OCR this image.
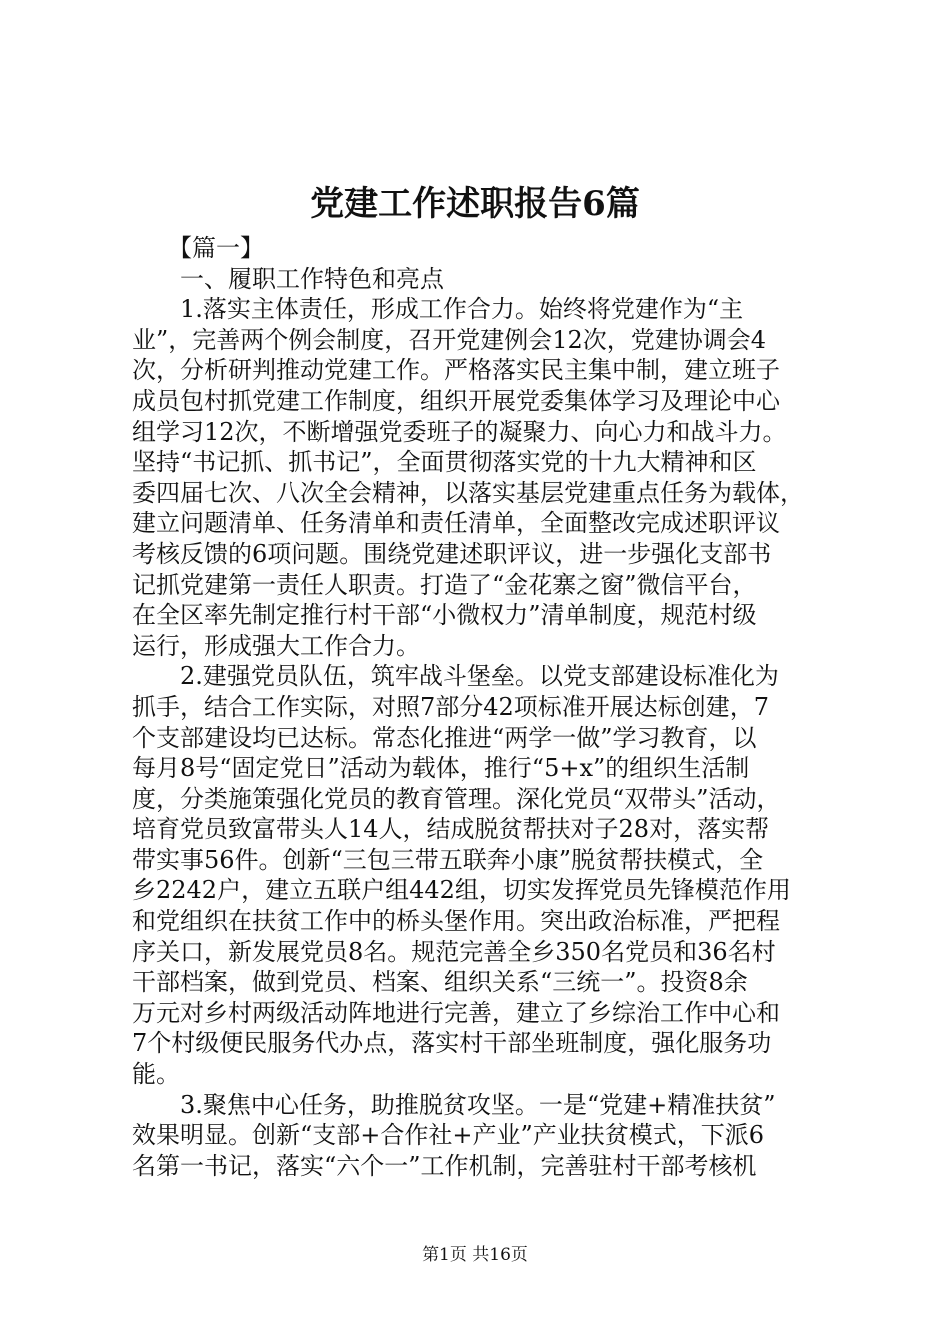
党建工作述职报告6篇
【篇一】
一、履职工作特色和亮点
1.落实主体责任，形成工作合力。始终将党建作为“主
业”，完善两个例会制度，召开党建例会12次，党建协调会4
次，分析研判推动党建工作。严格落实民主集中制，建立班子
成员包村抓党建工作制度，组织开展党委集体学习及理论中心
组学习12次，不断增强党委班子的凝聚力、向心力和战斗力。
坚持“书记抓、抓书记”，全面贯彻落实党的十九大精神和区
委四届七次、八次全会精神，以落实基层党建重点任务为载体，
建立问题清单、任务清单和责任清单，全面整改完成述职评议
考核反馈的6项问题。围绕党建述职评议，进一步强化支部书
记抓党建第一责任人职责。打造了“金花寨之窗”微信平台，
在全区率先制定推行村干部“小微权力”清单制度，规范村级
运行，形成强大工作合力。
2.建强党员队伍，筑牢战斗堡垒。以党支部建设标准化为
抓手，结合工作实际，对照7部分42项标准开展达标创建，7
个支部建设均已达标。常态化推进“两学一做”学习教育，以
每月8号“固定党日”活动为载体，推行“5+x”的组织生活制
度，分类施策强化党员的教育管理。深化党员“双带头”活动，
培育党员致富带头人14人，结成脱贫帮扶对子28对，落实帮
带实事56件。创新“三包三带五联奔小康”脱贫帮扶模式，全
乡2242户，建立五联户组442组，切实发挥党员先锋模范作用
和党组织在扶贫工作中的桥头堡作用。突出政治标准，严把程
序关口，新发展党员8名。规范完善全乡350名党员和36名村
干部档案，做到党员、档案、组织关系“三统一”。投资8余
万元对乡村两级活动阵地进行完善，建立了乡综治工作中心和
7个村级便民服务代办点，落实村干部坐班制度，强化服务功
能。
3.聚焦中心任务，助推脱贫攻坚。一是“党建+精准扶贫”
效果明显。创新“支部+合作社+产业”产业扶贫模式，下派6
名第一书记，落实“六个一”工作机制，完善驻村干部考核机
第1页 共16页
